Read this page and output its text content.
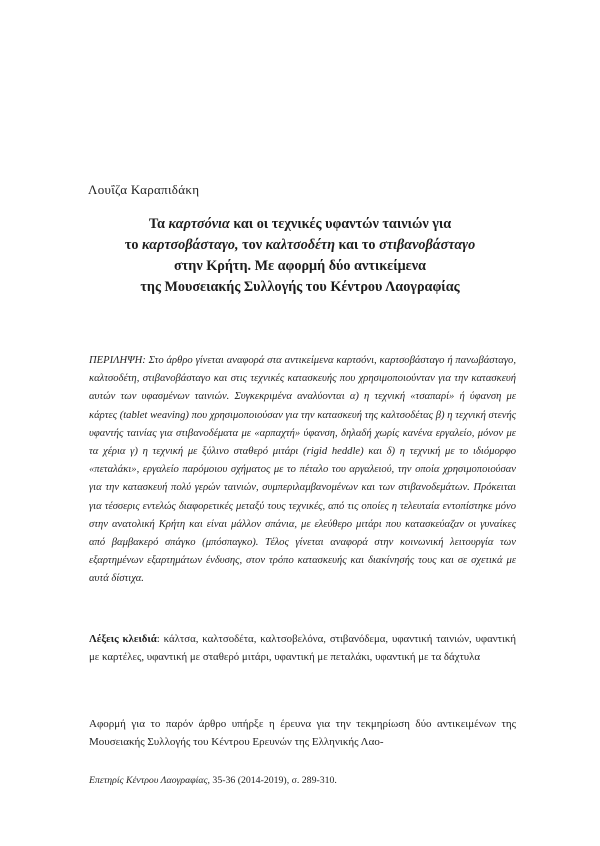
Λουΐζα Καραπιδάκη
Τα καρτσόνια και οι τεχνικές υφαντών ταινιών για
το καρτσοβάσταγο, τον καλτσοδέτη και το στιβανοβάσταγο
στην Κρήτη. Με αφορμή δύο αντικείμενα
της Μουσειακής Συλλογής του Κέντρου Λαογραφίας
ΠΕΡΙΛΗΨΗ: Στο άρθρο γίνεται αναφορά στα αντικείμενα καρτσόνι, καρτσοβάσταγο ή πανωβάσταγο, καλτσοδέτη, στιβανοβάσταγο και στις τεχνικές κατασκευής που χρησιμοποιούνταν για την κατασκευή αυτών των υφασμένων ταινιών. Συγκεκριμένα αναλύονται α) η τεχνική «τσαπαρί» ή ύφανση με κάρτες (tablet weaving) που χρησιμοποιούσαν για την κατασκευή της καλτσοδέτας β) η τεχνική στενής υφαντής ταινίας για στιβανοδέματα με «αρπαχτή» ύφανση, δηλαδή χωρίς κανένα εργαλείο, μόνον με τα χέρια γ) η τεχνική με ξύλινο σταθερό μιτάρι (rigid heddle) και δ) η τεχνική με το ιδιόμορφο «πεταλάκι», εργαλείο παρόμοιου σχήματος με το πέταλο του αργαλειού, την οποία χρησιμοποιούσαν για την κατασκευή πολύ γερών ταινιών, συμπεριλαμβανομένων και των στιβανοδεμάτων. Πρόκειται για τέσσερις εντελώς διαφορετικές μεταξύ τους τεχνικές, από τις οποίες η τελευταία εντοπίστηκε μόνο στην ανατολική Κρήτη και είναι μάλλον σπάνια, με ελεύθερο μιτάρι που κατασκεύαζαν οι γυναίκες από βαμβακερό σπάγκο (μπόσπαγκο). Τέλος γίνεται αναφορά στην κοινωνική λειτουργία των εξαρτημένων εξαρτημάτων ένδυσης, στον τρόπο κατασκευής και διακίνησής τους και σε σχετικά με αυτά δίστιχα.
Λέξεις κλειδιά: κάλτσα, καλτσοδέτα, καλτσοβελόνα, στιβανόδεμα, υφαντική ταινιών, υφαντική με καρτέλες, υφαντική με σταθερό μιτάρι, υφαντική με πεταλάκι, υφαντική με τα δάχτυλα
Αφορμή για το παρόν άρθρο υπήρξε η έρευνα για την τεκμηρίωση δύο αντικειμένων της Μουσειακής Συλλογής του Κέντρου Ερευνών της Ελληνικής Λαο-
Επετηρίς Κέντρου Λαογραφίας, 35-36 (2014-2019), σ. 289-310.
